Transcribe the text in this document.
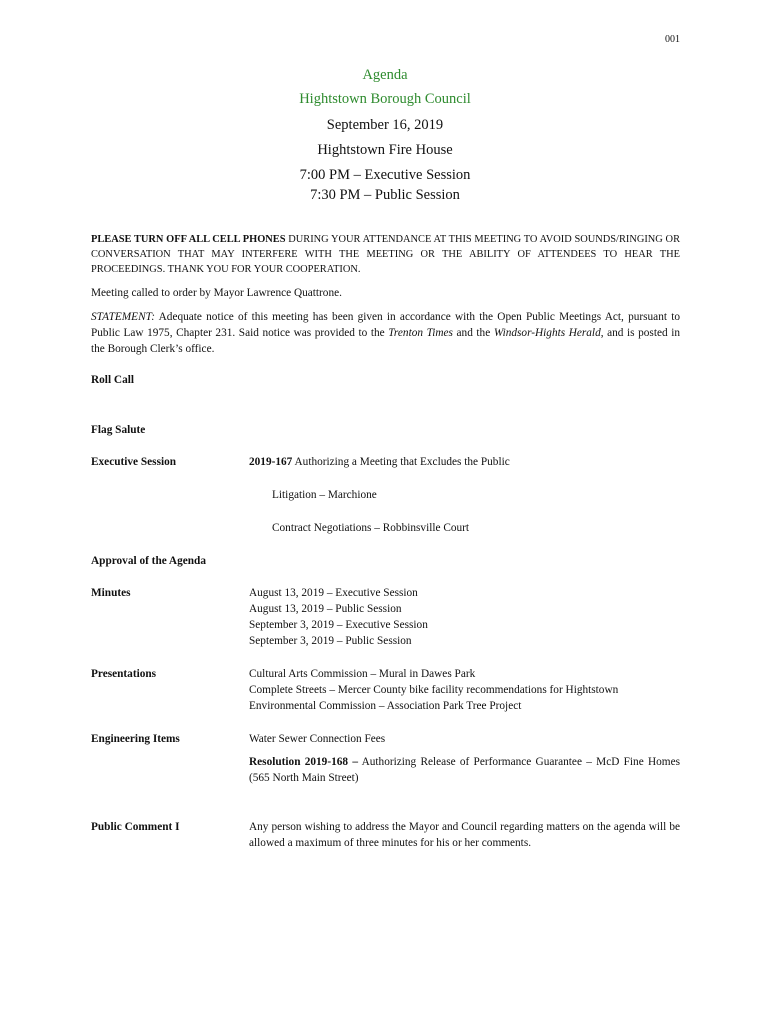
001
Agenda
Hightstown Borough Council
September 16, 2019
Hightstown Fire House
7:00 PM – Executive Session
7:30 PM – Public Session

PLEASE TURN OFF ALL CELL PHONES DURING YOUR ATTENDANCE AT THIS MEETING TO AVOID SOUNDS/RINGING OR CONVERSATION THAT MAY INTERFERE WITH THE MEETING OR THE ABILITY OF ATTENDEES TO HEAR THE PROCEEDINGS. THANK YOU FOR YOUR COOPERATION.

Meeting called to order by Mayor Lawrence Quattrone.

STATEMENT: Adequate notice of this meeting has been given in accordance with the Open Public Meetings Act, pursuant to Public Law 1975, Chapter 231. Said notice was provided to the Trenton Times and the Windsor-Hights Herald, and is posted in the Borough Clerk’s office.

Roll Call
Flag Salute
Executive Session	2019-167 Authorizing a Meeting that Excludes the Public
Litigation – Marchione
Contract Negotiations – Robbinsville Court
Approval of the Agenda
Minutes	August 13, 2019 – Executive Session
August 13, 2019 – Public Session
September 3, 2019 – Executive Session
September 3, 2019 – Public Session
Presentations	Cultural Arts Commission – Mural in Dawes Park
Complete Streets – Mercer County bike facility recommendations for Hightstown
Environmental Commission – Association Park Tree Project
Engineering Items	Water Sewer Connection Fees
Resolution 2019-168 – Authorizing Release of Performance Guarantee – McD Fine Homes (565 North Main Street)
Public Comment I	Any person wishing to address the Mayor and Council regarding matters on the agenda will be allowed a maximum of three minutes for his or her comments.
